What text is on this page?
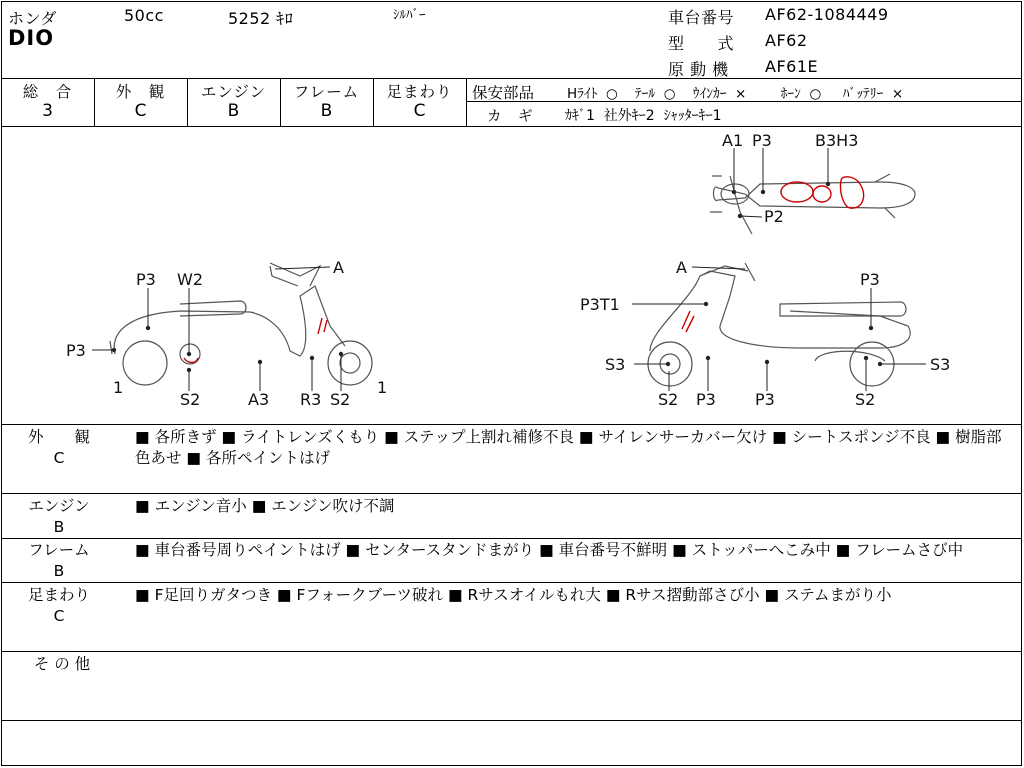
ホンダ	50cc	5252 ｷﾛ	ｼﾙﾊﾞｰ
DIO
車台番号 AF62-1084449
型　　式 AF62
原 動 機 AF61E
総　合	外　観	エンジン	フレーム	足まわり
3	C	B	B	C
保安部品 Hﾗｲﾄ  ○    ﾃｰﾙ  ○    ｳｲﾝｶｰ  ×        ﾎｰﾝ  ○     ﾊﾞｯﾃﾘｰ  ×
カ　ギ ｶｷﾞ1  社外ｷｰ2  ｼｬｯﾀｰｷｰ1
A1 P3	B3H3
P2
P3 W2
A
P3
1
S2	A3 R3 S2
1
A
P3
P3T1
S3	S3
S2 P3 P3	S2
外　　観
C
■ 各所きず ■ ライトレンズくもり ■ ステップ上割れ補修不良 ■ サイレンサーカバー欠け ■ シートスポンジ不良 ■ 樹脂部色あせ ■ 各所ペイントはげ
エンジン
B
■ エンジン音小 ■ エンジン吹け不調
フレーム
B
■ 車台番号周りペイントはげ ■ センタースタンドまがり ■ 車台番号不鮮明 ■ ストッパーへこみ中 ■ フレームさび中
足まわり
C
■ F足回りガタつき ■ Fフォークブーツ破れ ■ Rサスオイルもれ大 ■ Rサス摺動部さび小 ■ ステムまがり小
そ の 他
